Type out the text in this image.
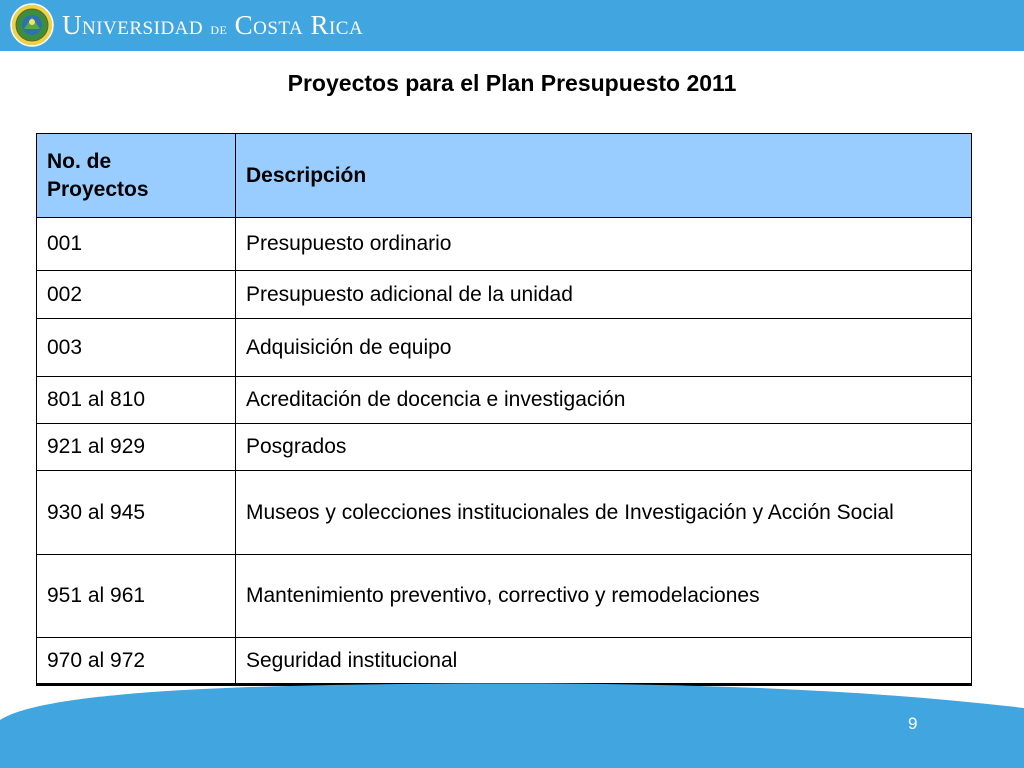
Universidad de Costa Rica
Proyectos para el Plan Presupuesto 2011
No. de Proyectos	Descripción
001	Presupuesto ordinario
002	Presupuesto adicional de la unidad
003	Adquisición de equipo
801 al 810	Acreditación de docencia e investigación
921 al 929	Posgrados
930 al 945	Museos y colecciones institucionales de Investigación y Acción Social
951 al 961	Mantenimiento preventivo, correctivo y remodelaciones
970 al 972	Seguridad institucional
9
